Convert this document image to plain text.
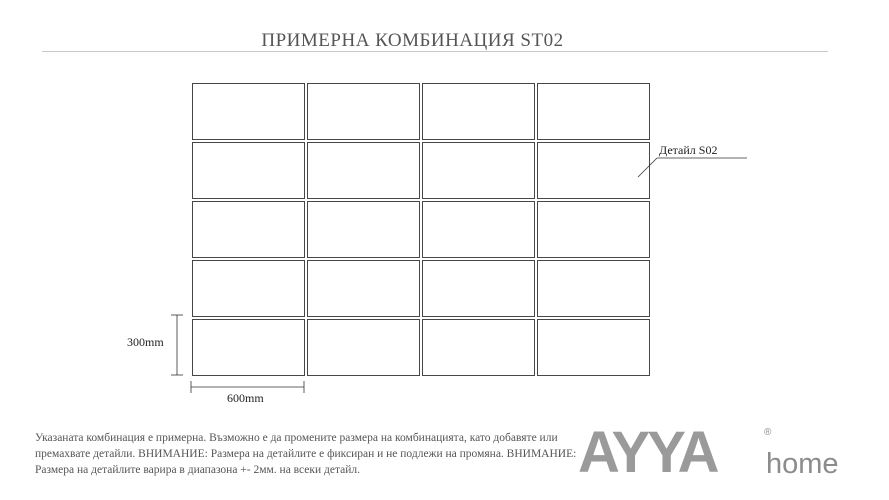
ПРИМЕРНА КОМБИНАЦИЯ ST02
Детайл S02
300mm
600mm
Указаната комбинация е примерна. Възможно е да промените размера на комбинацията, като добавяте или премахвате детайли. ВНИМАНИЕ: Размера на детайлите е фиксиран и не подлежи на промяна. ВНИМАНИЕ: Размера на детайлите варира в диапазона +- 2мм. на всеки детайл.	AYYA	®
home
